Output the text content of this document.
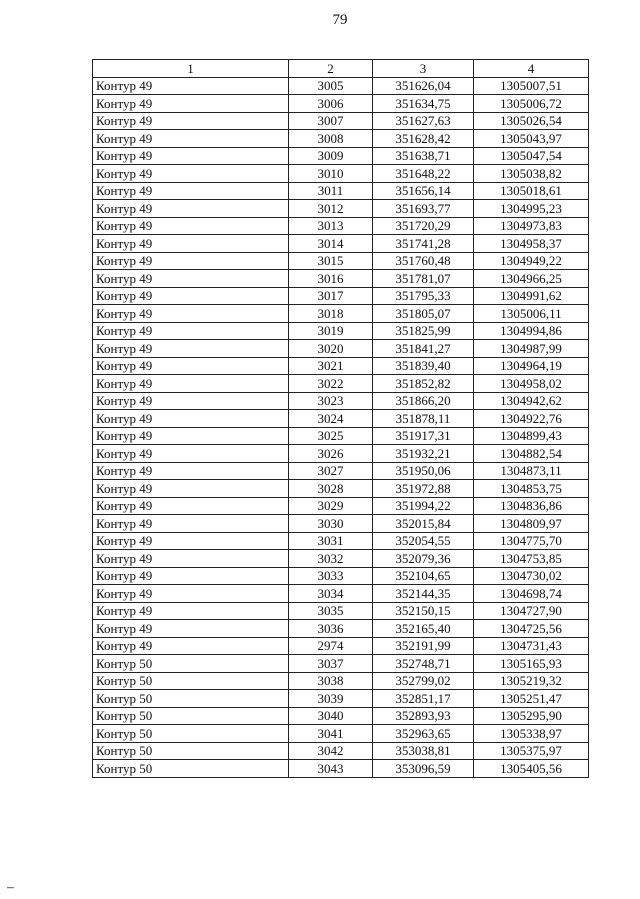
79
1	2	3	4
Контур 49	3005	351626,04	1305007,51
Контур 49	3006	351634,75	1305006,72
Контур 49	3007	351627,63	1305026,54
Контур 49	3008	351628,42	1305043,97
Контур 49	3009	351638,71	1305047,54
Контур 49	3010	351648,22	1305038,82
Контур 49	3011	351656,14	1305018,61
Контур 49	3012	351693,77	1304995,23
Контур 49	3013	351720,29	1304973,83
Контур 49	3014	351741,28	1304958,37
Контур 49	3015	351760,48	1304949,22
Контур 49	3016	351781,07	1304966,25
Контур 49	3017	351795,33	1304991,62
Контур 49	3018	351805,07	1305006,11
Контур 49	3019	351825,99	1304994,86
Контур 49	3020	351841,27	1304987,99
Контур 49	3021	351839,40	1304964,19
Контур 49	3022	351852,82	1304958,02
Контур 49	3023	351866,20	1304942,62
Контур 49	3024	351878,11	1304922,76
Контур 49	3025	351917,31	1304899,43
Контур 49	3026	351932,21	1304882,54
Контур 49	3027	351950,06	1304873,11
Контур 49	3028	351972,88	1304853,75
Контур 49	3029	351994,22	1304836,86
Контур 49	3030	352015,84	1304809,97
Контур 49	3031	352054,55	1304775,70
Контур 49	3032	352079,36	1304753,85
Контур 49	3033	352104,65	1304730,02
Контур 49	3034	352144,35	1304698,74
Контур 49	3035	352150,15	1304727,90
Контур 49	3036	352165,40	1304725,56
Контур 49	2974	352191,99	1304731,43
Контур 50	3037	352748,71	1305165,93
Контур 50	3038	352799,02	1305219,32
Контур 50	3039	352851,17	1305251,47
Контур 50	3040	352893,93	1305295,90
Контур 50	3041	352963,65	1305338,97
Контур 50	3042	353038,81	1305375,97
Контур 50	3043	353096,59	1305405,56
–
